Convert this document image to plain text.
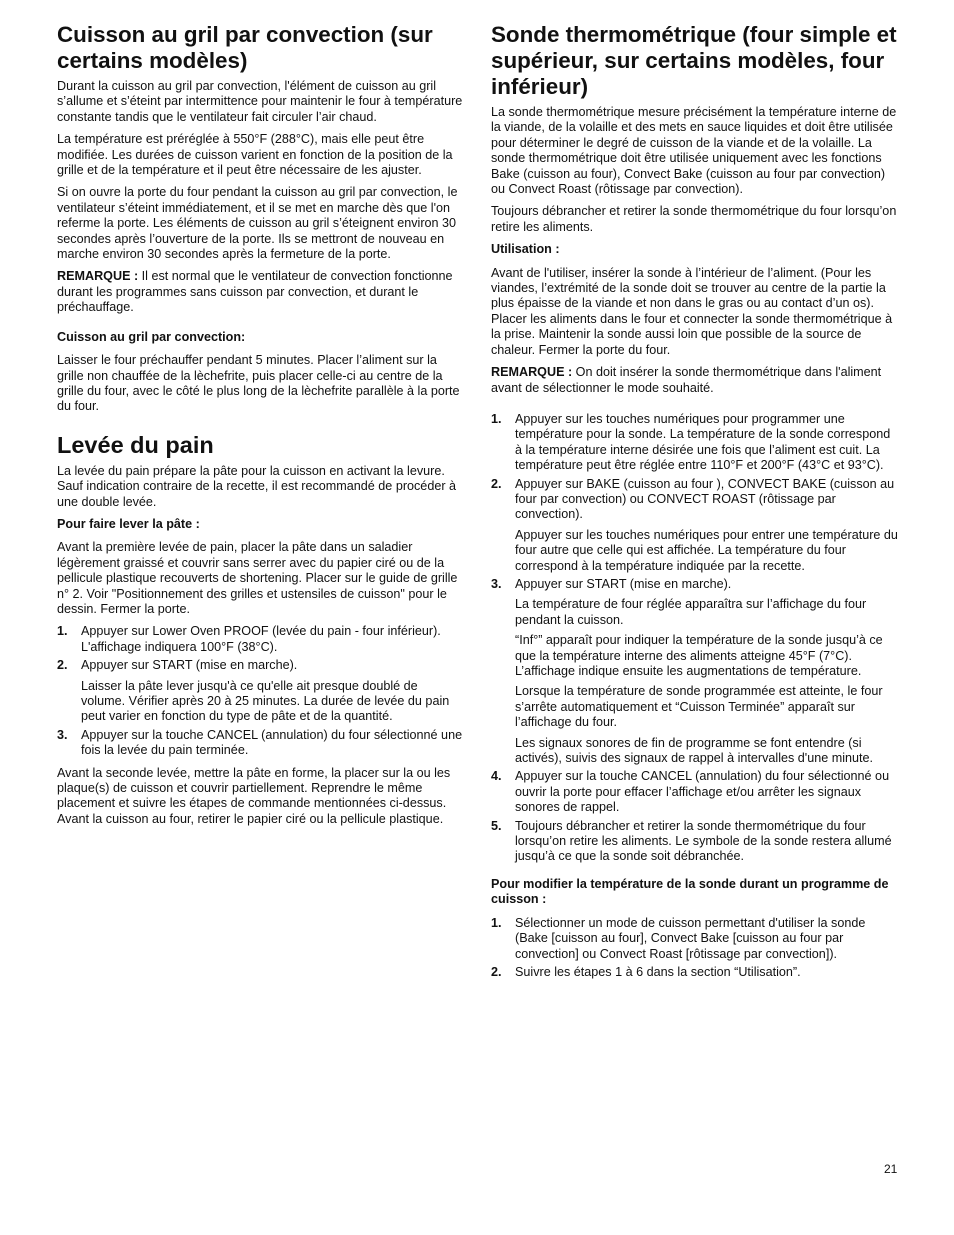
Cuisson au gril par convection (sur certains modèles)

Durant la cuisson au gril par convection, l'élément de cuisson au gril s’allume et s’éteint par intermittence pour maintenir le four à température constante tandis que le ventilateur fait circuler l’air chaud.

La température est préréglée à 550°F (288°C), mais elle peut être modifiée. Les durées de cuisson varient en fonction de la position de la grille et de la température et il peut être nécessaire de les ajuster.

Si on ouvre la porte du four pendant la cuisson au gril par convection, le ventilateur s’éteint immédiatement, et il se met en marche dès que l'on referme la porte. Les éléments de cuisson au gril s’éteignent environ 30 secondes après l’ouverture de la porte. Ils se mettront de nouveau en marche environ 30 secondes après la fermeture de la porte.

REMARQUE : Il est normal que le ventilateur de convection fonctionne durant les programmes sans cuisson par convection, et durant le préchauffage.

Cuisson au gril par convection:

Laisser le four préchauffer pendant 5 minutes. Placer l’aliment sur la grille non chauffée de la lèchefrite, puis placer celle-ci au centre de la grille du four, avec le côté le plus long de la lèchefrite parallèle à la porte du four.

Levée du pain

La levée du pain prépare la pâte pour la cuisson en activant la levure. Sauf indication contraire de la recette, il est recommandé de procéder à une double levée.

Pour faire lever la pâte :

Avant la première levée de pain, placer la pâte dans un saladier légèrement graissé et couvrir sans serrer avec du papier ciré ou de la pellicule plastique recouverts de shortening. Placer sur le guide de grille n° 2. Voir "Positionnement des grilles et ustensiles de cuisson" pour le dessin. Fermer la porte.

1. Appuyer sur Lower Oven PROOF (levée du pain - four inférieur). L'affichage indiquera 100°F (38°C).
2. Appuyer sur START (mise en marche).
Laisser la pâte lever jusqu'à ce qu'elle ait presque doublé de volume. Vérifier après 20 à 25 minutes. La durée de levée du pain peut varier en fonction du type de pâte et de la quantité.
3. Appuyer sur la touche CANCEL (annulation) du four sélectionné une fois la levée du pain terminée.

Avant la seconde levée, mettre la pâte en forme, la placer sur la ou les plaque(s) de cuisson et couvrir partiellement. Reprendre le même placement et suivre les étapes de commande mentionnées ci-dessus. Avant la cuisson au four, retirer le papier ciré ou la pellicule plastique.

Sonde thermométrique (four simple et supérieur, sur certains modèles, four inférieur)

La sonde thermométrique mesure précisément la température interne de la viande, de la volaille et des mets en sauce liquides et doit être utilisée pour déterminer le degré de cuisson de la viande et de la volaille. La sonde thermométrique doit être utilisée uniquement avec les fonctions Bake (cuisson au four), Convect Bake (cuisson au four par convection) ou Convect Roast (rôtissage par convection).

Toujours débrancher et retirer la sonde thermométrique du four lorsqu’on retire les aliments.

Utilisation :

Avant de l'utiliser, insérer la sonde à l’intérieur de l’aliment. (Pour les viandes, l’extrémité de la sonde doit se trouver au centre de la partie la plus épaisse de la viande et non dans le gras ou au contact d’un os). Placer les aliments dans le four et connecter la sonde thermométrique à la prise. Maintenir la sonde aussi loin que possible de la source de chaleur. Fermer la porte du four.

REMARQUE : On doit insérer la sonde thermométrique dans l'aliment avant de sélectionner le mode souhaité.

1. Appuyer sur les touches numériques pour programmer une température pour la sonde. La température de la sonde correspond à la température interne désirée une fois que l’aliment est cuit. La température peut être réglée entre 110°F et 200°F (43°C et 93°C).
2. Appuyer sur BAKE (cuisson au four ), CONVECT BAKE (cuisson au four par convection) ou CONVECT ROAST (rôtissage par convection).
Appuyer sur les touches numériques pour entrer une température du four autre que celle qui est affichée. La température du four correspond à la température indiquée par la recette.
3. Appuyer sur START (mise en marche).
La température de four réglée apparaîtra sur l’affichage du four pendant la cuisson.
“Inf°” apparaît pour indiquer la température de la sonde jusqu’à ce que la température interne des aliments atteigne 45°F (7°C). L’affichage indique ensuite les augmentations de température.
Lorsque la température de sonde programmée est atteinte, le four s’arrête automatiquement et “Cuisson Terminée” apparaît sur l’affichage du four.
Les signaux sonores de fin de programme se font entendre (si activés), suivis des signaux de rappel à intervalles d'une minute.
4. Appuyer sur la touche CANCEL (annulation) du four sélectionné ou ouvrir la porte pour effacer l’affichage et/ou arrêter les signaux sonores de rappel.
5. Toujours débrancher et retirer la sonde thermométrique du four lorsqu’on retire les aliments. Le symbole de la sonde restera allumé jusqu’à ce que la sonde soit débranchée.

Pour modifier la température de la sonde durant un programme de cuisson :

1. Sélectionner un mode de cuisson permettant d'utiliser la sonde (Bake [cuisson au four], Convect Bake [cuisson au four par convection] ou Convect Roast [rôtissage par convection]).
2. Suivre les étapes 1 à 6 dans la section “Utilisation”.
21
